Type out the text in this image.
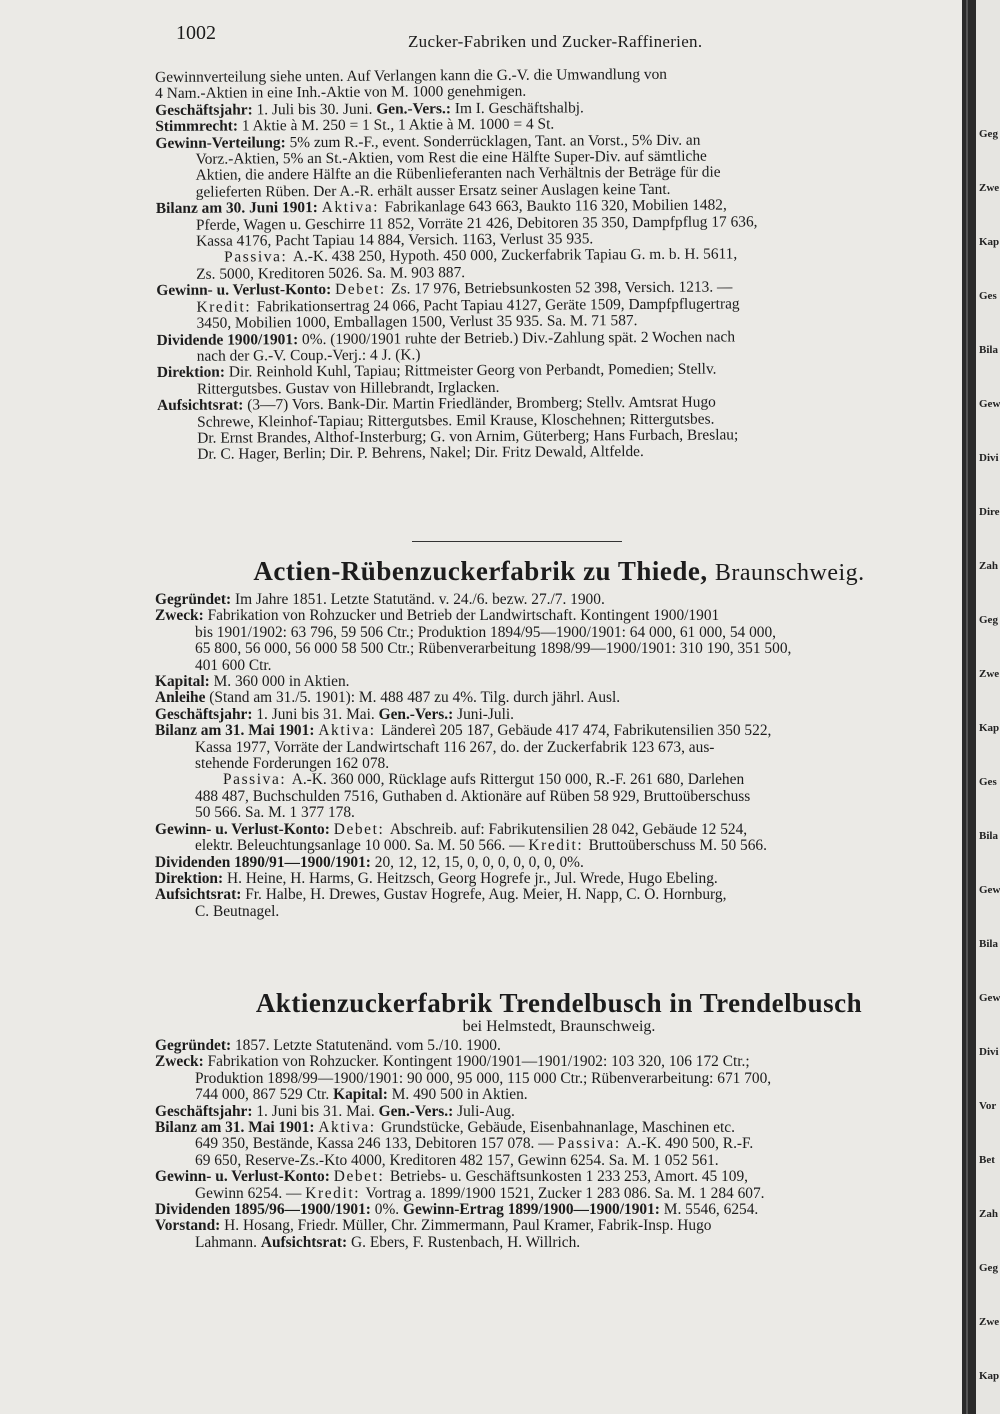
1002	Zucker-Fabriken und Zucker-Raffinerien.
Gewinnverteilung siehe unten. Auf Verlangen kann die G.-V. die Umwandlung von
4 Nam.-Aktien in eine Inh.-Aktie von M. 1000 genehmigen.
Geschäftsjahr: 1. Juli bis 30. Juni. Gen.-Vers.: Im I. Geschäftshalbj.
Stimmrecht: 1 Aktie à M. 250 = 1 St., 1 Aktie à M. 1000 = 4 St.
Gewinn-Verteilung: 5% zum R.-F., event. Sonderrücklagen, Tant. an Vorst., 5% Div. an
Vorz.-Aktien, 5% an St.-Aktien, vom Rest die eine Hälfte Super-Div. auf sämtliche
Aktien, die andere Hälfte an die Rübenlieferanten nach Verhältnis der Beträge für die
gelieferten Rüben. Der A.-R. erhält ausser Ersatz seiner Auslagen keine Tant.
Bilanz am 30. Juni 1901: Aktiva: Fabrikanlage 643 663, Baukto 116 320, Mobilien 1482,
Pferde, Wagen u. Geschirre 11 852, Vorräte 21 426, Debitoren 35 350, Dampfpflug 17 636,
Kassa 4176, Pacht Tapiau 14 884, Versich. 1163, Verlust 35 935.
Passiva: A.-K. 438 250, Hypoth. 450 000, Zuckerfabrik Tapiau G. m. b. H. 5611,
Zs. 5000, Kreditoren 5026. Sa. M. 903 887.
Gewinn- u. Verlust-Konto: Debet: Zs. 17 976, Betriebsunkosten 52 398, Versich. 1213. —
Kredit: Fabrikationsertrag 24 066, Pacht Tapiau 4127, Geräte 1509, Dampfpflugertrag
3450, Mobilien 1000, Emballagen 1500, Verlust 35 935. Sa. M. 71 587.
Dividende 1900/1901: 0%. (1900/1901 ruhte der Betrieb.) Div.-Zahlung spät. 2 Wochen nach
nach der G.-V. Coup.-Verj.: 4 J. (K.)
Direktion: Dir. Reinhold Kuhl, Tapiau; Rittmeister Georg von Perbandt, Pomedien; Stellv.
Rittergutsbes. Gustav von Hillebrandt, Irglacken.
Aufsichtsrat: (3—7) Vors. Bank-Dir. Martin Friedländer, Bromberg; Stellv. Amtsrat Hugo
Schrewe, Kleinhof-Tapiau; Rittergutsbes. Emil Krause, Kloschehnen; Rittergutsbes.
Dr. Ernst Brandes, Althof-Insterburg; G. von Arnim, Güterberg; Hans Furbach, Breslau;
Dr. C. Hager, Berlin; Dir. P. Behrens, Nakel; Dir. Fritz Dewald, Altfelde.
Actien-Rübenzuckerfabrik zu Thiede, Braunschweig.
Gegründet: Im Jahre 1851. Letzte Statutänd. v. 24./6. bezw. 27./7. 1900.
Zweck: Fabrikation von Rohzucker und Betrieb der Landwirtschaft. Kontingent 1900/1901
bis 1901/1902: 63 796, 59 506 Ctr.; Produktion 1894/95—1900/1901: 64 000, 61 000, 54 000,
65 800, 56 000, 56 000 58 500 Ctr.; Rübenverarbeitung 1898/99—1900/1901: 310 190, 351 500,
401 600 Ctr.
Kapital: M. 360 000 in Aktien.
Anleihe (Stand am 31./5. 1901): M. 488 487 zu 4%. Tilg. durch jährl. Ausl.
Geschäftsjahr: 1. Juni bis 31. Mai. Gen.-Vers.: Juni-Juli.
Bilanz am 31. Mai 1901: Aktiva: Ländereì 205 187, Gebäude 417 474, Fabrikutensilien 350 522,
Kassa 1977, Vorräte der Landwirtschaft 116 267, do. der Zuckerfabrik 123 673, aus-
stehende Forderungen 162 078.
Passiva: A.-K. 360 000, Rücklage aufs Rittergut 150 000, R.-F. 261 680, Darlehen
488 487, Buchschulden 7516, Guthaben d. Aktionäre auf Rüben 58 929, Bruttoüberschuss
50 566. Sa. M. 1 377 178.
Gewinn- u. Verlust-Konto: Debet: Abschreib. auf: Fabrikutensilien 28 042, Gebäude 12 524,
elektr. Beleuchtungsanlage 10 000. Sa. M. 50 566. — Kredit: Bruttoüberschuss M. 50 566.
Dividenden 1890/91—1900/1901: 20, 12, 12, 15, 0, 0, 0, 0, 0, 0, 0%.
Direktion: H. Heine, H. Harms, G. Heitzsch, Georg Hogrefe jr., Jul. Wrede, Hugo Ebeling.
Aufsichtsrat: Fr. Halbe, H. Drewes, Gustav Hogrefe, Aug. Meier, H. Napp, C. O. Hornburg,
C. Beutnagel.
Aktienzuckerfabrik Trendelbusch in Trendelbusch
bei Helmstedt, Braunschweig.
Gegründet: 1857. Letzte Statutenänd. vom 5./10. 1900.
Zweck: Fabrikation von Rohzucker. Kontingent 1900/1901—1901/1902: 103 320, 106 172 Ctr.;
Produktion 1898/99—1900/1901: 90 000, 95 000, 115 000 Ctr.; Rübenverarbeitung: 671 700,
744 000, 867 529 Ctr. Kapital: M. 490 500 in Aktien.
Geschäftsjahr: 1. Juni bis 31. Mai. Gen.-Vers.: Juli-Aug.
Bilanz am 31. Mai 1901: Aktiva: Grundstücke, Gebäude, Eisenbahnanlage, Maschinen etc.
649 350, Bestände, Kassa 246 133, Debitoren 157 078. — Passiva: A.-K. 490 500, R.-F.
69 650, Reserve-Zs.-Kto 4000, Kreditoren 482 157, Gewinn 6254. Sa. M. 1 052 561.
Gewinn- u. Verlust-Konto: Debet: Betriebs- u. Geschäftsunkosten 1 233 253, Amort. 45 109,
Gewinn 6254. — Kredit: Vortrag a. 1899/1900 1521, Zucker 1 283 086. Sa. M. 1 284 607.
Dividenden 1895/96—1900/1901: 0%. Gewinn-Ertrag 1899/1900—1900/1901: M. 5546, 6254.
Vorstand: H. Hosang, Friedr. Müller, Chr. Zimmermann, Paul Kramer, Fabrik-Insp. Hugo
Lahmann. Aufsichtsrat: G. Ebers, F. Rustenbach, H. Willrich.
Geg
Zwe
Kap
Ges
Bila
Gew
Divi
Dire
Zah
Geg
Zwe
Kap
Ges
Bila
Gew
Bila
Gew
Divi
Vor
Bet
Zah
Geg
Zwe
Kap
